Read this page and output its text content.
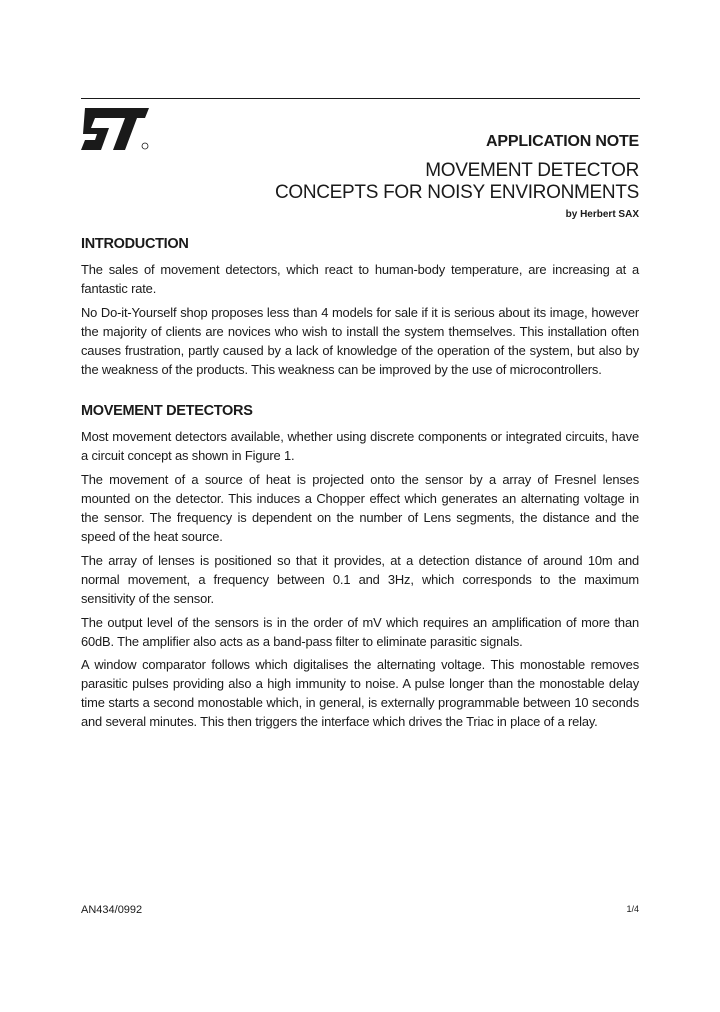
APPLICATION NOTE
MOVEMENT DETECTOR
CONCEPTS FOR NOISY ENVIRONMENTS
by Herbert SAX
INTRODUCTION

The sales of movement detectors, which react to human-body temperature, are increasing at a fantastic rate.

No Do-it-Yourself shop proposes less than 4 models for sale if it is serious about its image, however the majority of clients are novices who wish to install the system themselves. This installation often causes frustration, partly caused by a lack of knowledge of the operation of the system, but also by the weakness of the products. This weakness can be improved by the use of microcontrollers.

MOVEMENT DETECTORS

Most movement detectors available, whether using discrete components or integrated circuits, have a circuit concept as shown in Figure 1.

The movement of a source of heat is projected onto the sensor by a array of Fresnel lenses mounted on the detector. This induces a Chopper effect which generates an alternating voltage in the sensor. The frequency is dependent on the number of Lens segments, the distance and the speed of the heat source.

The array of lenses is positioned so that it provides, at a detection distance of around 10m and normal movement, a frequency between 0.1 and 3Hz, which corresponds to the maximum sensitivity of the sensor.

The output level of the sensors is in the order of mV which requires an amplification of more than 60dB. The amplifier also acts as a band-pass filter to eliminate parasitic signals.

A window comparator follows which digitalises the alternating voltage. This monostable removes parasitic pulses providing also a high immunity to noise. A pulse longer than the monostable delay time starts a second monostable which, in general, is externally programmable between 10 seconds and several minutes. This then triggers the interface which drives the Triac in place of a relay.

AN434/0992	1/4
